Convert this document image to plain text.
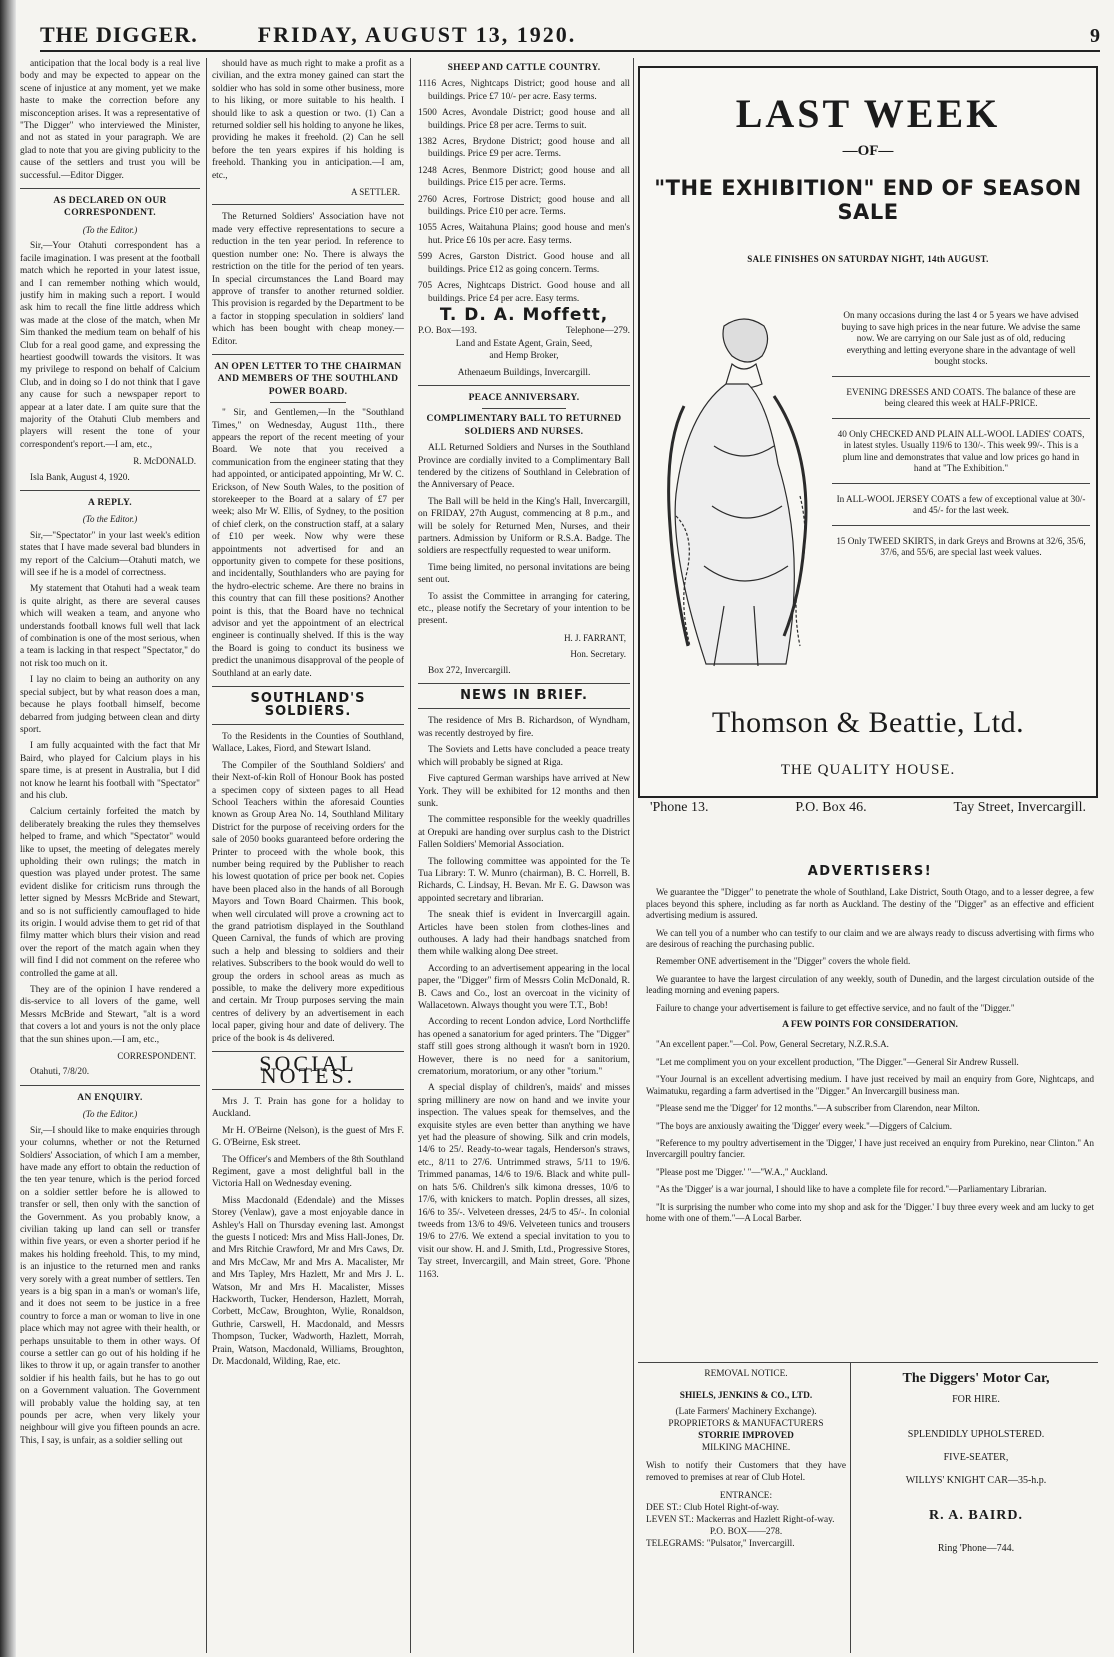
THE DIGGER.	FRIDAY, AUGUST 13, 1920.	9

anticipation that the local body is a real live body and may be expected to appear on the scene of injustice at any moment, yet we make haste to make the correction before any misconception arises. It was a representative of "The Digger" who interviewed the Minister, and not as stated in your paragraph. We are glad to note that you are giving publicity to the cause of the settlers and trust you will be successful.—Editor Digger.

AS DECLARED ON OUR CORRESPONDENT.
(To the Editor.)

Sir,—Your Otahuti correspondent has a facile imagination. I was present at the football match which he reported in your latest issue, and I can remember nothing which would, justify him in making such a report. I would ask him to recall the fine little address which was made at the close of the match, when Mr Sim thanked the medium team on behalf of his Club for a real good game, and expressing the heartiest goodwill towards the visitors. It was my privilege to respond on behalf of Calcium Club, and in doing so I do not think that I gave any cause for such a newspaper report to appear at a later date. I am quite sure that the majority of the Otahuti Club members and players will resent the tone of your correspondent's report.—I am, etc.,

R. McDONALD.

Isla Bank, August 4, 1920.

A REPLY.
(To the Editor.)

Sir,—"Spectator" in your last week's edition states that I have made several bad blunders in my report of the Calcium—Otahuti match, we will see if he is a model of correctness.

My statement that Otahuti had a weak team is quite alright, as there are several causes which will weaken a team, and anyone who understands football knows full well that lack of combination is one of the most serious, when a team is lacking in that respect "Spectator," do not risk too much on it.

I lay no claim to being an authority on any special subject, but by what reason does a man, because he plays football himself, become debarred from judging between clean and dirty sport.

I am fully acquainted with the fact that Mr Baird, who played for Calcium plays in his spare time, is at present in Australia, but I did not know he learnt his football with "Spectator" and his club.

Calcium certainly forfeited the match by deliberately breaking the rules they themselves helped to frame, and which "Spectator" would like to upset, the meeting of delegates merely upholding their own rulings; the match in question was played under protest. The same evident dislike for criticism runs through the letter signed by Messrs McBride and Stewart, and so is not sufficiently camouflaged to hide its origin. I would advise them to get rid of that filmy matter which blurs their vision and read over the report of the match again when they will find I did not comment on the referee who controlled the game at all.

They are of the opinion I have rendered a dis-service to all lovers of the game, well Messrs McBride and Stewart, "alt is a word that covers a lot and yours is not the only place that the sun shines upon.—I am, etc.,

CORRESPONDENT.

Otahuti, 7/8/20.

AN ENQUIRY.
(To the Editor.)

Sir,—I should like to make enquiries through your columns, whether or not the Returned Soldiers' Association, of which I am a member, have made any effort to obtain the reduction of the ten year tenure, which is the period forced on a soldier settler before he is allowed to transfer or sell, then only with the sanction of the Government. As you probably know, a civilian taking up land can sell or transfer within five years, or even a shorter period if he makes his holding freehold. This, to my mind, is an injustice to the returned men and ranks very sorely with a great number of settlers. Ten years is a big span in a man's or woman's life, and it does not seem to be justice in a free country to force a man or woman to live in one place which may not agree with their health, or perhaps unsuitable to them in other ways. Of course a settler can go out of his holding if he likes to throw it up, or again transfer to another soldier if his health fails, but he has to go out on a Government valuation. The Government will probably value the holding say, at ten pounds per acre, when very likely your neighbour will give you fifteen pounds an acre. This, I say, is unfair, as a soldier selling out

should have as much right to make a profit as a civilian, and the extra money gained can start the soldier who has sold in some other business, more to his liking, or more suitable to his health. I should like to ask a question or two. (1) Can a returned soldier sell his holding to anyone he likes, providing he makes it freehold. (2) Can he sell before the ten years expires if his holding is freehold. Thanking you in anticipation.—I am, etc.,

A SETTLER.

The Returned Soldiers' Association have not made very effective representations to secure a reduction in the ten year period. In reference to question number one: No. There is always the restriction on the title for the period of ten years. In special circumstances the Land Board may approve of transfer to another returned soldier. This provision is regarded by the Department to be a factor in stopping speculation in soldiers' land which has been bought with cheap money.—Editor.

AN OPEN LETTER TO THE CHAIRMAN AND MEMBERS OF THE SOUTHLAND POWER BOARD.

" Sir, and Gentlemen,—In the "Southland Times," on Wednesday, August 11th., there appears the report of the recent meeting of your Board. We note that you received a communication from the engineer stating that they had appointed, or anticipated appointing, Mr W. C. Erickson, of New South Wales, to the position of storekeeper to the Board at a salary of £7 per week; also Mr W. Ellis, of Sydney, to the position of chief clerk, on the construction staff, at a salary of £10 per week. Now why were these appointments not advertised for and an opportunity given to compete for these positions, and incidentally, Southlanders who are paying for the hydro-electric scheme. Are there no brains in this country that can fill these positions? Another point is this, that the Board have no technical advisor and yet the appointment of an electrical engineer is continually shelved. If this is the way the Board is going to conduct its business we predict the unanimous disapproval of the people of Southland at an early date.

SOUTHLAND'S SOLDIERS.

To the Residents in the Counties of Southland, Wallace, Lakes, Fiord, and Stewart Island.

The Compiler of the Southland Soldiers' and their Next-of-kin Roll of Honour Book has posted a specimen copy of sixteen pages to all Head School Teachers within the aforesaid Counties known as Group Area No. 14, Southland Military District for the purpose of receiving orders for the sale of 2050 books guaranteed before ordering the Printer to proceed with the whole book, this number being required by the Publisher to reach his lowest quotation of price per book net. Copies have been placed also in the hands of all Borough Mayors and Town Board Chairmen. This book, when well circulated will prove a crowning act to the grand patriotism displayed in the Southland Queen Carnival, the funds of which are proving such a help and blessing to soldiers and their relatives. Subscribers to the book would do well to group the orders in school areas as much as possible, to make the delivery more expeditious and certain. Mr Troup purposes serving the main centres of delivery by an advertisement in each local paper, giving hour and date of delivery. The price of the book is 4s delivered.

SOCIAL NOTES.

Mrs J. T. Prain has gone for a holiday to Auckland.

Mr H. O'Beirne (Nelson), is the guest of Mrs F. G. O'Beirne, Esk street.

The Officer's and Members of the 8th Southland Regiment, gave a most delightful ball in the Victoria Hall on Wednesday evening.

Miss Macdonald (Edendale) and the Misses Storey (Venlaw), gave a most enjoyable dance in Ashley's Hall on Thursday evening last. Amongst the guests I noticed: Mrs and Miss Hall-Jones, Dr. and Mrs Ritchie Crawford, Mr and Mrs Caws, Dr. and Mrs McCaw, Mr and Mrs A. Macalister, Mr and Mrs Tapley, Mrs Hazlett, Mr and Mrs J. L. Watson, Mr and Mrs H. Macalister, Misses Hackworth, Tucker, Henderson, Hazlett, Morrah, Corbett, McCaw, Broughton, Wylie, Ronaldson, Guthrie, Carswell, H. Macdonald, and Messrs Thompson, Tucker, Wadworth, Hazlett, Morrah, Prain, Watson, Macdonald, Williams, Broughton, Dr. Macdonald, Wilding, Rae, etc.

SHEEP AND CATTLE COUNTRY.

1116 Acres, Nightcaps District; good house and all buildings. Price £7 10/- per acre. Easy terms.

1500 Acres, Avondale District; good house and all buildings. Price £8 per acre. Terms to suit.

1382 Acres, Brydone District; good house and all buildings. Price £9 per acre. Terms.

1248 Acres, Benmore District; good house and all buildings. Price £15 per acre. Terms.

2760 Acres, Fortrose District; good house and all buildings. Price £10 per acre. Terms.

1055 Acres, Waitahuna Plains; good house and men's hut. Price £6 10s per acre. Easy terms.

599 Acres, Garston District. Good house and all buildings. Price £12 as going concern. Terms.

705 Acres, Nightcaps District. Good house and all buildings. Price £4 per acre. Easy terms.

T. D. A. Moffett,
P.O. Box—193.	Telephone—279.
Land and Estate Agent, Grain, Seed,
and Hemp Broker,
Athenaeum Buildings, Invercargill.
PEACE ANNIVERSARY.
COMPLIMENTARY BALL TO RETURNED SOLDIERS AND NURSES.

ALL Returned Soldiers and Nurses in the Southland Province are cordially invited to a Complimentary Ball tendered by the citizens of Southland in Celebration of the Anniversary of Peace.

The Ball will be held in the King's Hall, Invercargill, on FRIDAY, 27th August, commencing at 8 p.m., and will be solely for Returned Men, Nurses, and their partners. Admission by Uniform or R.S.A. Badge. The soldiers are respectfully requested to wear uniform.

Time being limited, no personal invitations are being sent out.

To assist the Committee in arranging for catering, etc., please notify the Secretary of your intention to be present.

H. J. FARRANT,
Hon. Secretary.

Box 272, Invercargill.

NEWS IN BRIEF.

The residence of Mrs B. Richardson, of Wyndham, was recently destroyed by fire.

The Soviets and Letts have concluded a peace treaty which will probably be signed at Riga.

Five captured German warships have arrived at New York. They will be exhibited for 12 months and then sunk.

The committee responsible for the weekly quadrilles at Orepuki are handing over surplus cash to the District Fallen Soldiers' Memorial Association.

The following committee was appointed for the Te Tua Library: T. W. Munro (chairman), B. C. Horrell, B. Richards, C. Lindsay, H. Bevan. Mr E. G. Dawson was appointed secretary and librarian.

The sneak thief is evident in Invercargill again. Articles have been stolen from clothes-lines and outhouses. A lady had their handbags snatched from them while walking along Dee street.

According to an advertisement appearing in the local paper, the "Digger" firm of Messrs Colin McDonald, R. B. Caws and Co., lost an overcoat in the vicinity of Wallacetown. Always thought you were T.T., Bob!

According to recent London advice, Lord Northcliffe has opened a sanatorium for aged printers. The "Digger" staff still goes strong although it wasn't born in 1920. However, there is no need for a sanitorium, crematorium, moratorium, or any other "torium."

A special display of children's, maids' and misses spring millinery are now on hand and we invite your inspection. The values speak for themselves, and the exquisite styles are even better than anything we have yet had the pleasure of showing. Silk and crin models, 14/6 to 25/. Ready-to-wear tagals, Henderson's straws, etc., 8/11 to 27/6. Untrimmed straws, 5/11 to 19/6. Trimmed panamas, 14/6 to 19/6. Black and white pull-on hats 5/6. Children's silk kimona dresses, 10/6 to 17/6, with knickers to match. Poplin dresses, all sizes, 16/6 to 35/-. Velveteen dresses, 24/5 to 45/-. In colonial tweeds from 13/6 to 49/6. Velveteen tunics and trousers 19/6 to 27/6. We extend a special invitation to you to visit our show. H. and J. Smith, Ltd., Progressive Stores, Tay street, Invercargill, and Main street, Gore. 'Phone 1163.

LAST WEEK
—OF—
"THE EXHIBITION" END OF SEASON SALE
SALE FINISHES ON SATURDAY NIGHT, 14th AUGUST.
On many occasions during the last 4 or 5 years we have advised buying to save high prices in the near future. We advise the same now. We are carrying on our Sale just as of old, reducing everything and letting everyone share in the advantage of well bought stocks.
EVENING DRESSES AND COATS. The balance of these are being cleared this week at HALF-PRICE.
40 Only CHECKED AND PLAIN ALL-WOOL LADIES' COATS, in latest styles. Usually 119/6 to 130/-. This week 99/-. This is a plum line and demonstrates that value and low prices go hand in hand at "The Exhibition."
In ALL-WOOL JERSEY COATS a few of exceptional value at 30/- and 45/- for the last week.
15 Only TWEED SKIRTS, in dark Greys and Browns at 32/6, 35/6, 37/6, and 55/6, are special last week values.
Thomson & Beattie, Ltd.
THE QUALITY HOUSE.
'Phone 13.	P.O. Box 46.	Tay Street, Invercargill.
ADVERTISERS!

We guarantee the "Digger" to penetrate the whole of Southland, Lake District, South Otago, and to a lesser degree, a few places beyond this sphere, including as far north as Auckland. The destiny of the "Digger" as an effective and efficient advertising medium is assured.

We can tell you of a number who can testify to our claim and we are always ready to discuss advertising with firms who are desirous of reaching the purchasing public.

Remember ONE advertisement in the "Digger" covers the whole field.

We guarantee to have the largest circulation of any weekly, south of Dunedin, and the largest circulation outside of the leading morning and evening papers.

Failure to change your advertisement is failure to get effective service, and no fault of the "Digger."

A FEW POINTS FOR CONSIDERATION.

"An excellent paper."—Col. Pow, General Secretary, N.Z.R.S.A.

"Let me compliment you on your excellent production, "The Digger."—General Sir Andrew Russell.

"Your Journal is an excellent advertising medium. I have just received by mail an enquiry from Gore, Nightcaps, and Waimatuku, regarding a farm advertised in the "Digger." An Invercargill business man.

"Please send me the 'Digger' for 12 months."—A subscriber from Clarendon, near Milton.

"The boys are anxiously awaiting the 'Digger' every week."—Diggers of Calcium.

"Reference to my poultry advertisement in the 'Digger,' I have just received an enquiry from Purekino, near Clinton." An Invercargill poultry fancier.

"Please post me 'Digger.' "—"W.A.," Auckland.

"As the 'Digger' is a war journal, I should like to have a complete file for record."—Parliamentary Librarian.

"It is surprising the number who come into my shop and ask for the 'Digger.' I buy three every week and am lucky to get home with one of them."—A Local Barber.

REMOVAL NOTICE.
SHIELS, JENKINS & CO., LTD.
(Late Farmers' Machinery Exchange).
PROPRIETORS & MANUFACTURERS
STORRIE IMPROVED
MILKING MACHINE.
Wish to notify their Customers that they have removed to premises at rear of Club Hotel.
ENTRANCE:
DEE ST.: Club Hotel Right-of-way.
LEVEN ST.: Mackerras and Hazlett Right-of-way.
P.O. BOX——278.
TELEGRAMS: "Pulsator," Invercargill.
The Diggers' Motor Car,
FOR HIRE.
SPLENDIDLY UPHOLSTERED.
FIVE-SEATER,
WILLYS' KNIGHT CAR—35-h.p.
R. A. BAIRD.
Ring 'Phone—744.
